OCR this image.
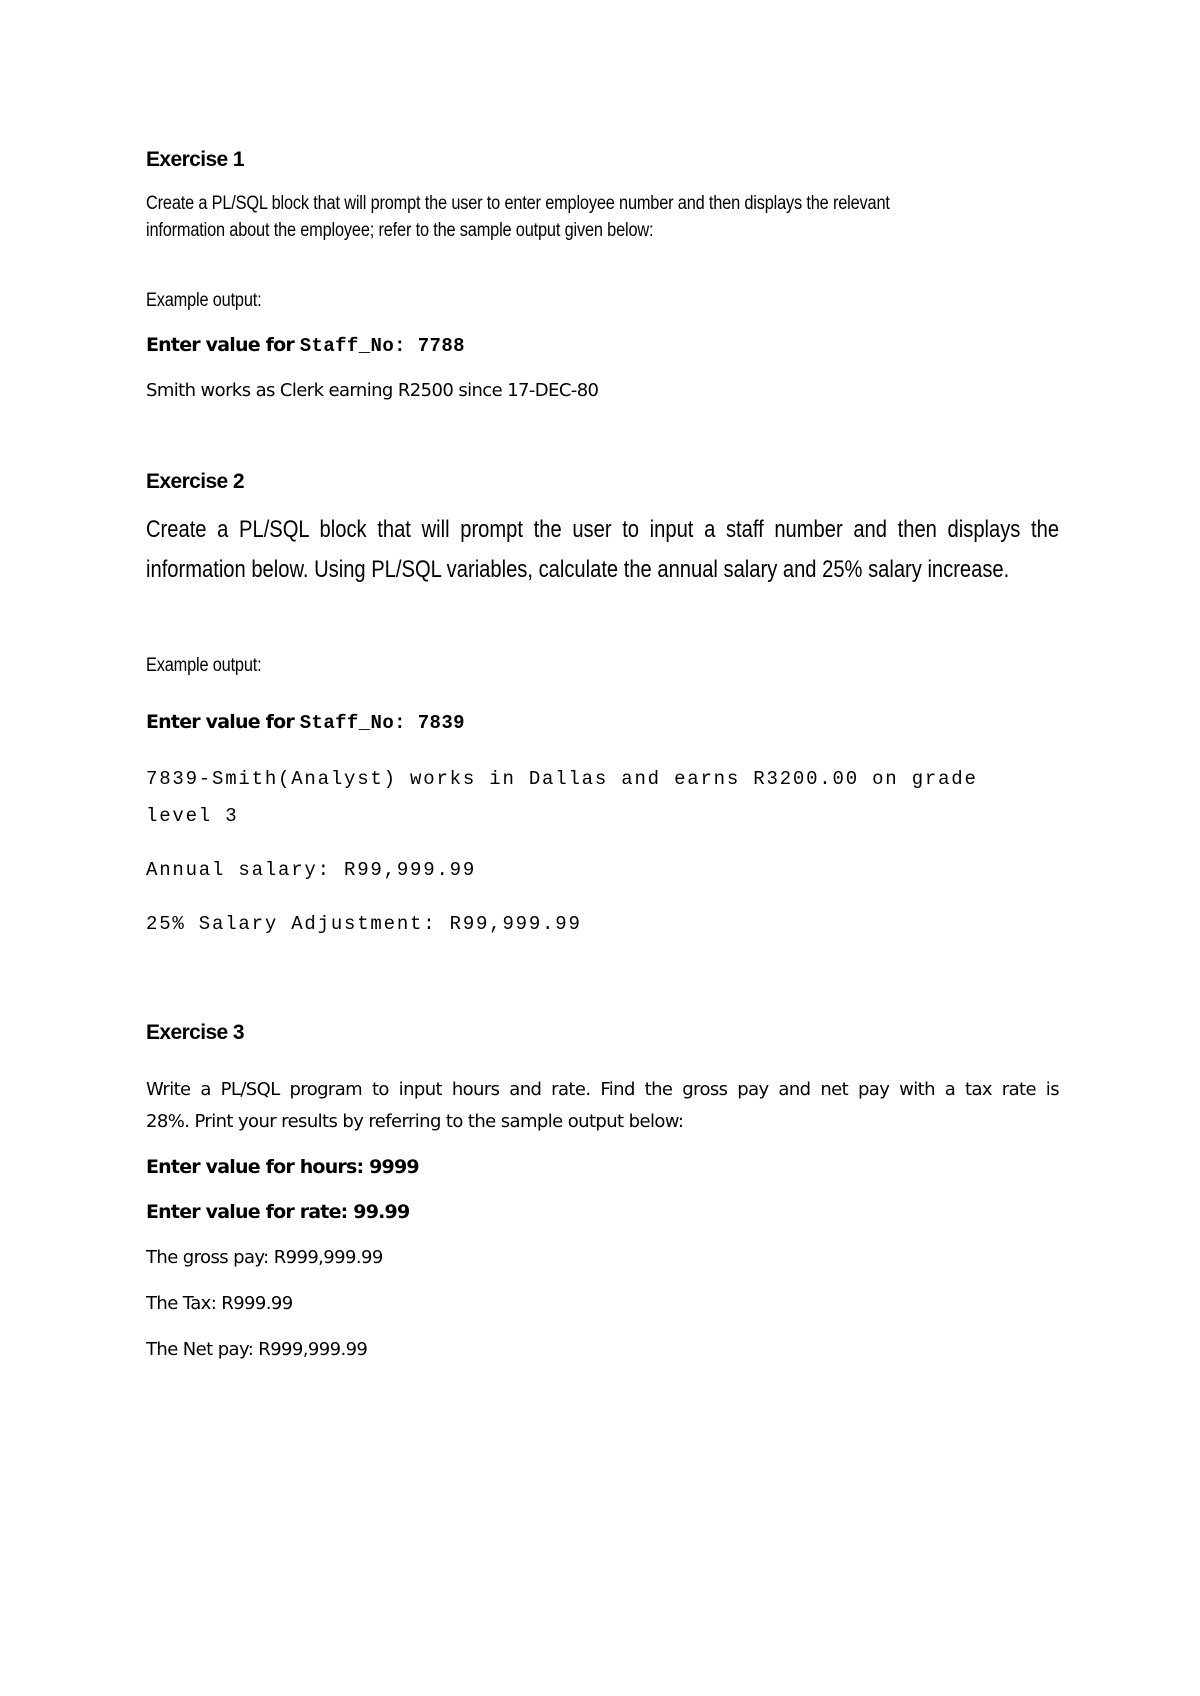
Exercise 1
Create a PL/SQL block that will prompt the user to enter employee number and then displays the relevant
information about the employee; refer to the sample output given below:
Example output:
Enter value for Staff_No: 7788
Smith works as Clerk earning R2500 since 17-DEC-80
Exercise 2
Create a PL/SQL block that will prompt the user to input a staff number and then displays the
information below. Using PL/SQL variables, calculate the annual salary and 25% salary increase.
Example output:
Enter value for Staff_No: 7839
7839-Smith(Analyst) works in Dallas and earns R3200.00 on grade
level 3
Annual salary: R99,999.99
25% Salary Adjustment: R99,999.99
Exercise 3
Write a PL/SQL program to input hours and rate. Find the gross pay and net pay with a tax rate is
28%. Print your results by referring to the sample output below:
Enter value for hours: 9999
Enter value for rate: 99.99
The gross pay: R999,999.99
The Tax: R999.99
The Net pay: R999,999.99
